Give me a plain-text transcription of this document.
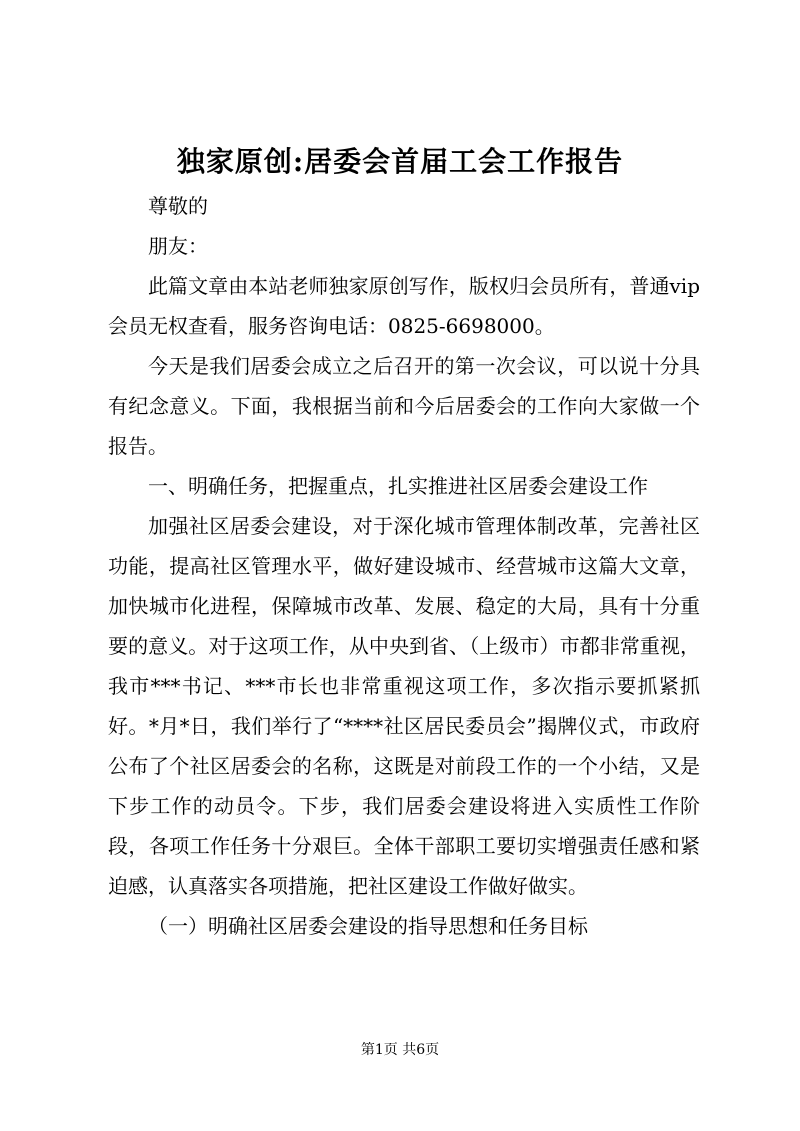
独家原创:居委会首届工会工作报告

尊敬的

朋友：

此篇文章由本站老师独家原创写作，版权归会员所有，普通vip会员无权查看，服务咨询电话：0825-6698000。

今天是我们居委会成立之后召开的第一次会议，可以说十分具有纪念意义。下面，我根据当前和今后居委会的工作向大家做一个报告。

一、明确任务，把握重点，扎实推进社区居委会建设工作

加强社区居委会建设，对于深化城市管理体制改革，完善社区功能，提高社区管理水平，做好建设城市、经营城市这篇大文章，加快城市化进程，保障城市改革、发展、稳定的大局，具有十分重要的意义。对于这项工作，从中央到省、（上级市）市都非常重视，我市***书记、***市长也非常重视这项工作，多次指示要抓紧抓好。*月*日，我们举行了“****社区居民委员会”揭牌仪式，市政府公布了个社区居委会的名称，这既是对前段工作的一个小结，又是下步工作的动员令。下步，我们居委会建设将进入实质性工作阶段，各项工作任务十分艰巨。全体干部职工要切实增强责任感和紧迫感，认真落实各项措施，把社区建设工作做好做实。

（一）明确社区居委会建设的指导思想和任务目标

第1页 共6页
